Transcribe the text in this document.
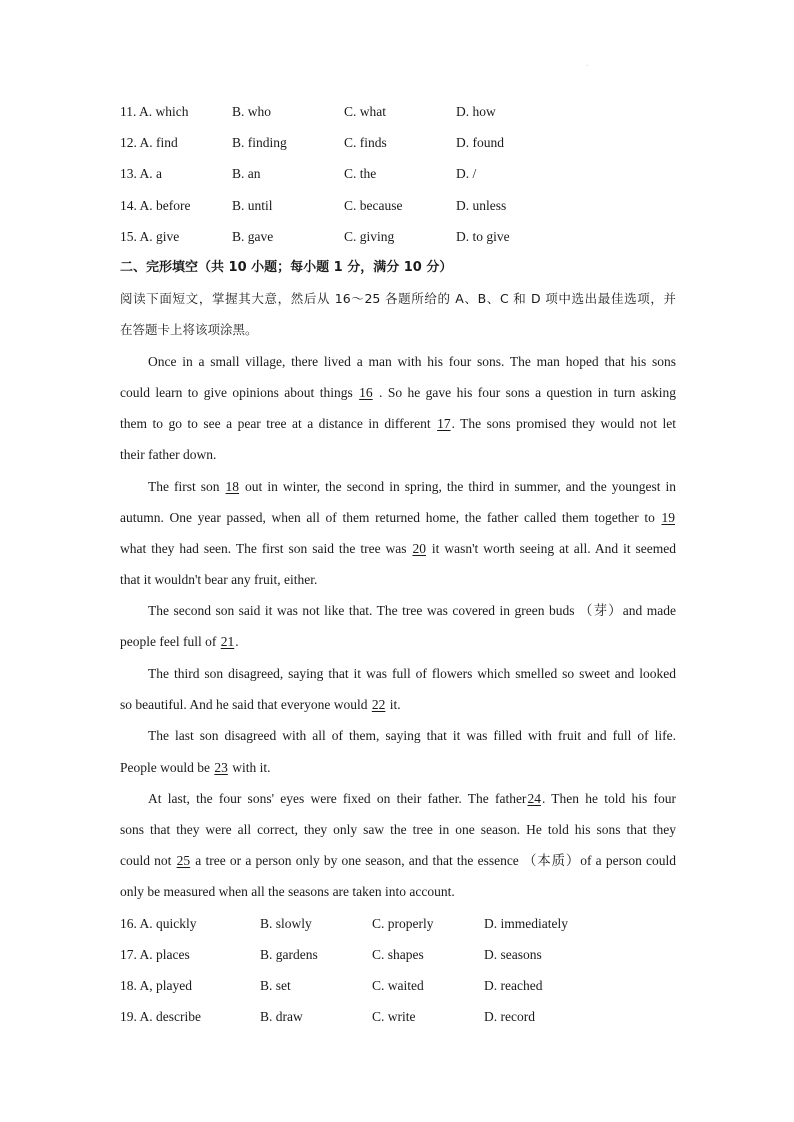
·
11. A. which	B. who	C. what	D. how
12. A. find	B. finding	C. finds	D. found
13. A. a	B. an	C. the	D. /
14. A. before	B. until	C. because	D. unless
15. A. give	B. gave	C. giving	D. to give
二、完形填空（共 10 小题；每小题 1 分，满分 10 分）
阅读下面短文，掌握其大意，然后从 16～25 各题所给的 A、B、C 和 D 项中选出最佳选项，并
在答题卡上将该项涂黑。
Once in a small village, there lived a man with his four sons. The man hoped that his sons
could learn to give opinions about things 16 . So he gave his four sons a question in turn asking
them to go to see a pear tree at a distance in different 17. The sons promised they would not let
their father down.
The first son 18 out in winter, the second in spring, the third in summer, and the youngest in
autumn. One year passed, when all of them returned home, the father called them together to 19
what they had seen. The first son said the tree was 20 it wasn't worth seeing at all. And it seemed
that it wouldn't bear any fruit, either.
The second son said it was not like that. The tree was covered in green buds （芽）and made
people feel full of 21.
The third son disagreed, saying that it was full of flowers which smelled so sweet and looked
so beautiful. And he said that everyone would 22 it.
The last son disagreed with all of them, saying that it was filled with fruit and full of life.
People would be 23 with it.
At last, the four sons' eyes were fixed on their father. The father24. Then he told his four
sons that they were all correct, they only saw the tree in one season. He told his sons that they
could not 25 a tree or a person only by one season, and that the essence （本质）of a person could
only be measured when all the seasons are taken into account.
16. A. quickly	B. slowly	C. properly	D. immediately
17. A. places	B. gardens	C. shapes	D. seasons
18. A, played	B. set	C. waited	D. reached
19. A. describe	B. draw	C. write	D. record
